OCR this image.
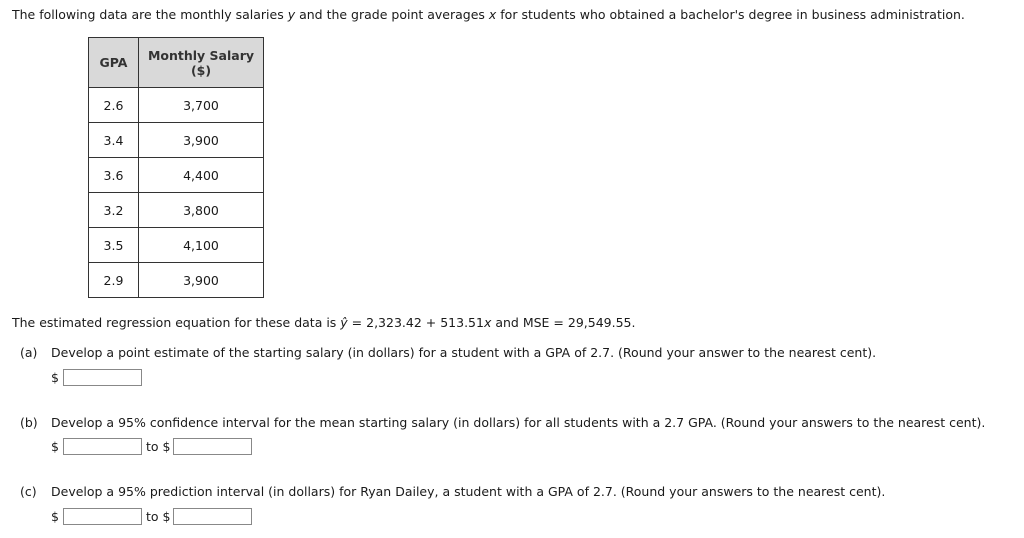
The following data are the monthly salaries y and the grade point averages x for students who obtained a bachelor's degree in business administration.
GPA	Monthly Salary
($)
2.6	3,700
3.4	3,900
3.6	4,400
3.2	3,800
3.5	4,100
2.9	3,900
The estimated regression equation for these data is ŷ = 2,323.42 + 513.51x and MSE = 29,549.55.
(a) Develop a point estimate of the starting salary (in dollars) for a student with a GPA of 2.7. (Round your answer to the nearest cent).
$
(b) Develop a 95% confidence interval for the mean starting salary (in dollars) for all students with a 2.7 GPA. (Round your answers to the nearest cent).
$	to $
(c) Develop a 95% prediction interval (in dollars) for Ryan Dailey, a student with a GPA of 2.7. (Round your answers to the nearest cent).
$	to $
